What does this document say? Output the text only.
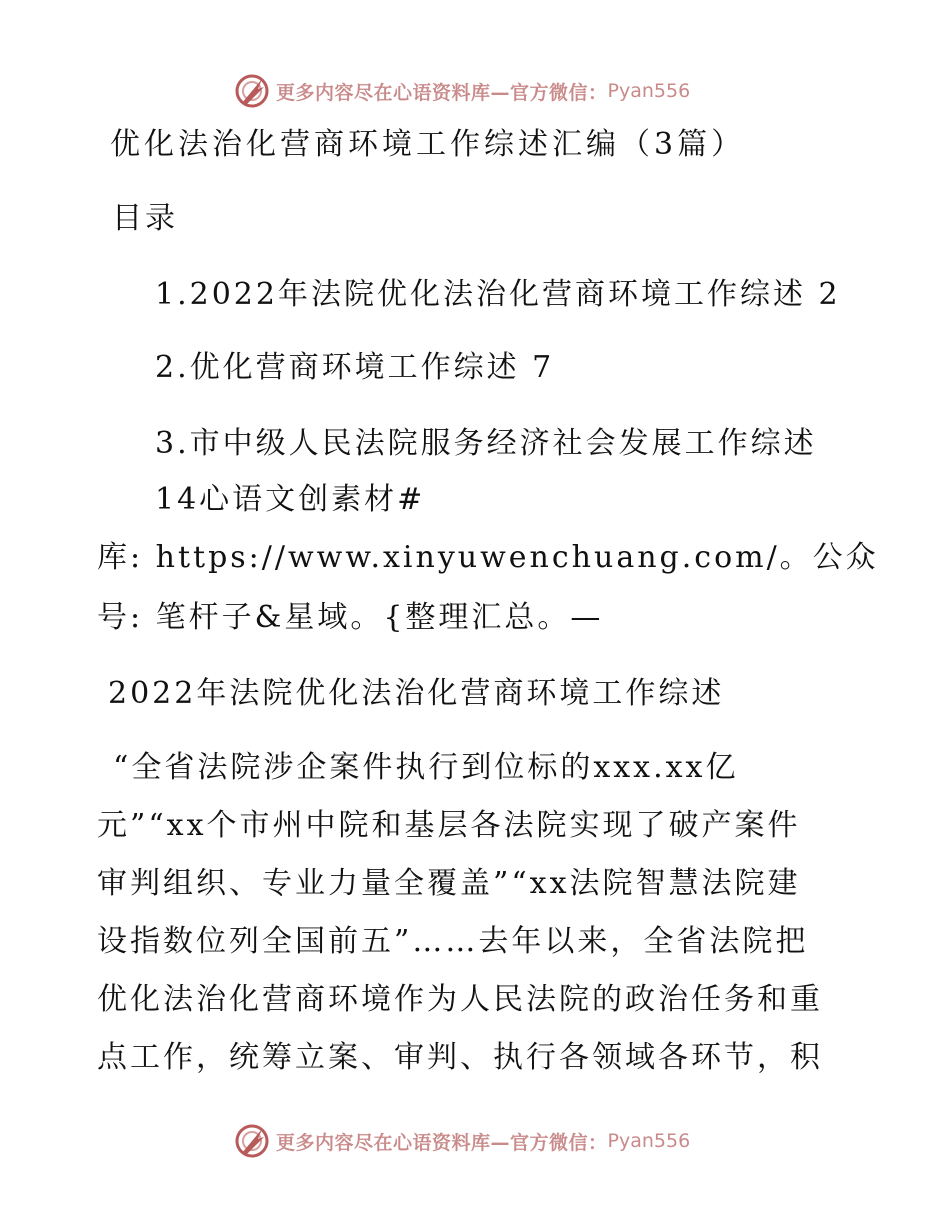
更多内容尽在心语资料库—官方微信： Pyan556
优化法治化营商环境工作综述汇编（3篇）
目录
1.2022年法院优化法治化营商环境工作综述 2
2.优化营商环境工作综述 7
3.市中级人民法院服务经济社会发展工作综述
14心语文创素材#
库: https://www.xinyuwenchuang.com/。公众
号: 笔杆子&星域。{整理汇总。—
2022年法院优化法治化营商环境工作综述
“全省法院涉企案件执行到位标的xxx.xx亿
元”“xx个市州中院和基层各法院实现了破产案件
审判组织、专业力量全覆盖”“xx法院智慧法院建
设指数位列全国前五”……去年以来，全省法院把
优化法治化营商环境作为人民法院的政治任务和重
点工作，统筹立案、审判、执行各领域各环节，积
更多内容尽在心语资料库—官方微信： Pyan556
